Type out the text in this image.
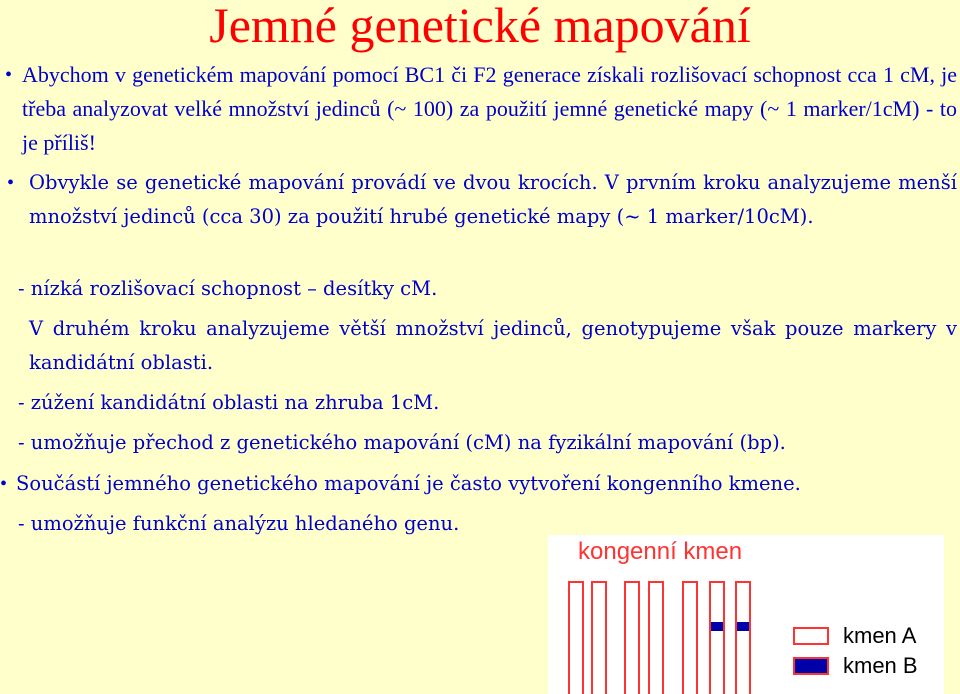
Jemné genetické mapování
• Abychom v genetickém mapování pomocí BC1 či F2 generace získali rozlišovací schopnost cca 1 cM, je třeba analyzovat velké množství jedinců (~ 100) za použití jemné genetické mapy (~ 1 marker/1cM) - to je příliš!
• Obvykle se genetické mapování provádí ve dvou krocích. V prvním kroku analyzujeme menší množství jedinců (cca 30) za použití hrubé genetické mapy (~ 1 marker/10cM).
- nízká rozlišovací schopnost – desítky cM.
V druhém kroku analyzujeme větší množství jedinců, genotypujeme však pouze markery v kandidátní oblasti.
- zúžení kandidátní oblasti na zhruba 1cM.
- umožňuje přechod z genetického mapování (cM) na fyzikální mapování (bp).
• Součástí jemného genetického mapování je často vytvoření kongenního kmene.
- umožňuje funkční analýzu hledaného genu.
kongenní kmen
kmen A
kmen B
